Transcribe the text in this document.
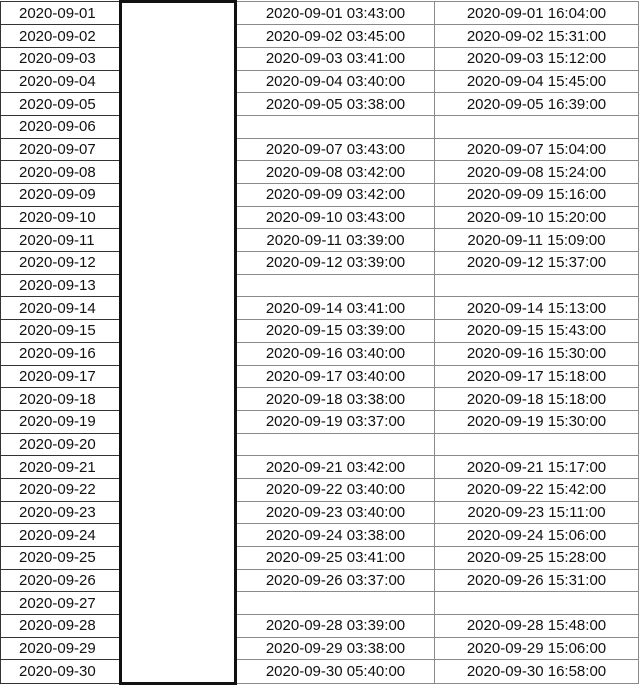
2020-09-01		2020-09-01 03:43:00	2020-09-01 16:04:00
2020-09-02		2020-09-02 03:45:00	2020-09-02 15:31:00
2020-09-03		2020-09-03 03:41:00	2020-09-03 15:12:00
2020-09-04		2020-09-04 03:40:00	2020-09-04 15:45:00
2020-09-05		2020-09-05 03:38:00	2020-09-05 16:39:00
2020-09-06			
2020-09-07		2020-09-07 03:43:00	2020-09-07 15:04:00
2020-09-08		2020-09-08 03:42:00	2020-09-08 15:24:00
2020-09-09		2020-09-09 03:42:00	2020-09-09 15:16:00
2020-09-10		2020-09-10 03:43:00	2020-09-10 15:20:00
2020-09-11		2020-09-11 03:39:00	2020-09-11 15:09:00
2020-09-12		2020-09-12 03:39:00	2020-09-12 15:37:00
2020-09-13			
2020-09-14		2020-09-14 03:41:00	2020-09-14 15:13:00
2020-09-15		2020-09-15 03:39:00	2020-09-15 15:43:00
2020-09-16		2020-09-16 03:40:00	2020-09-16 15:30:00
2020-09-17		2020-09-17 03:40:00	2020-09-17 15:18:00
2020-09-18		2020-09-18 03:38:00	2020-09-18 15:18:00
2020-09-19		2020-09-19 03:37:00	2020-09-19 15:30:00
2020-09-20			
2020-09-21		2020-09-21 03:42:00	2020-09-21 15:17:00
2020-09-22		2020-09-22 03:40:00	2020-09-22 15:42:00
2020-09-23		2020-09-23 03:40:00	2020-09-23 15:11:00
2020-09-24		2020-09-24 03:38:00	2020-09-24 15:06:00
2020-09-25		2020-09-25 03:41:00	2020-09-25 15:28:00
2020-09-26		2020-09-26 03:37:00	2020-09-26 15:31:00
2020-09-27			
2020-09-28		2020-09-28 03:39:00	2020-09-28 15:48:00
2020-09-29		2020-09-29 03:38:00	2020-09-29 15:06:00
2020-09-30		2020-09-30 05:40:00	2020-09-30 16:58:00
